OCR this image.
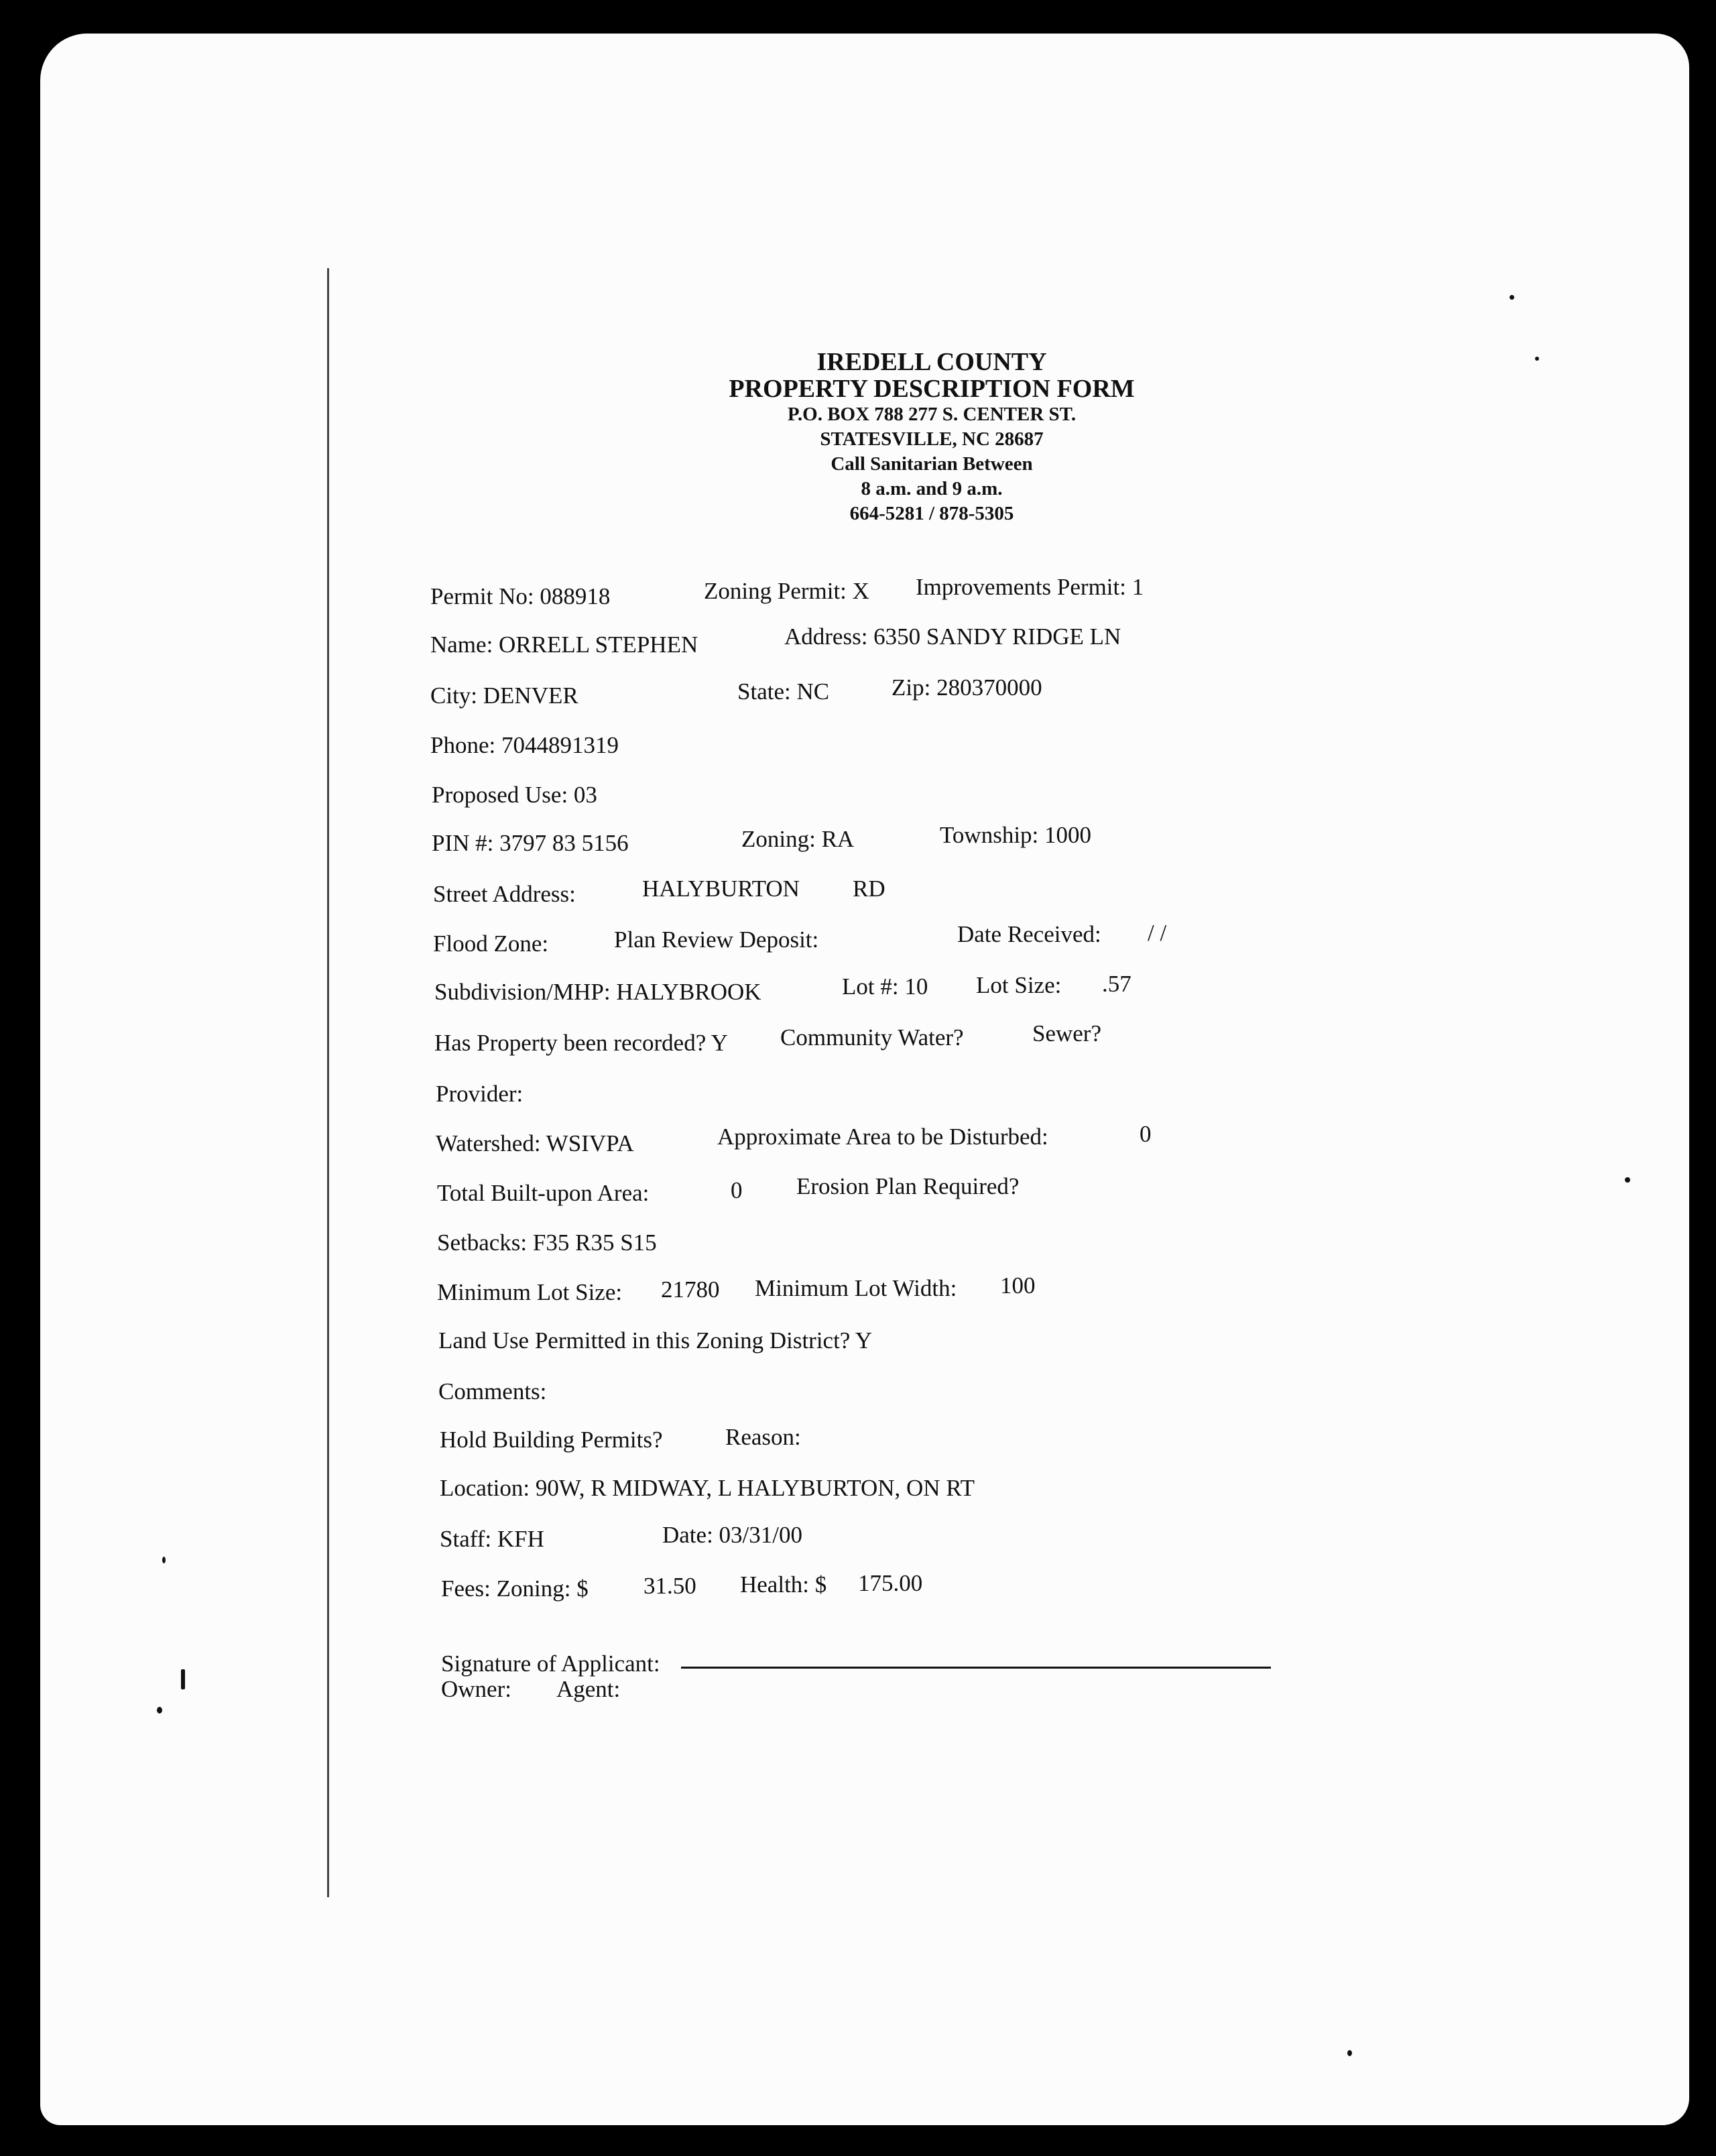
IREDELL COUNTY
PROPERTY DESCRIPTION FORM
P.O. BOX 788 277 S. CENTER ST.
STATESVILLE, NC 28687
Call Sanitarian Between
8 a.m. and 9 a.m.
664-5281 / 878-5305
Permit No: 088918	Zoning Permit: X Improvements Permit: 1
Name: ORRELL STEPHEN	Address: 6350 SANDY RIDGE LN
City: DENVER	State: NC	Zip: 280370000
Phone: 7044891319
Proposed Use: 03
PIN #: 3797 83 5156	Zoning: RA	Township: 1000
Street Address:	HALYBURTON RD
Flood Zone:	Plan Review Deposit:	Date Received: / /
Subdivision/MHP: HALYBROOK	Lot #: 10 Lot Size: .57
Has Property been recorded? Y Community Water?	Sewer?
Provider:
Watershed: WSIVPA	Approximate Area to be Disturbed:	0
Total Built-upon Area:	0 Erosion Plan Required?
Setbacks: F35 R35 S15
Minimum Lot Size: 21780 Minimum Lot Width: 100
Land Use Permitted in this Zoning District? Y
Comments:
Hold Building Permits?	Reason:
Location: 90W, R MIDWAY, L HALYBURTON, ON RT
Staff: KFH	Date: 03/31/00
Fees: Zoning: $ 31.50 Health: $ 175.00
Signature of Applicant:
Owner: Agent:
